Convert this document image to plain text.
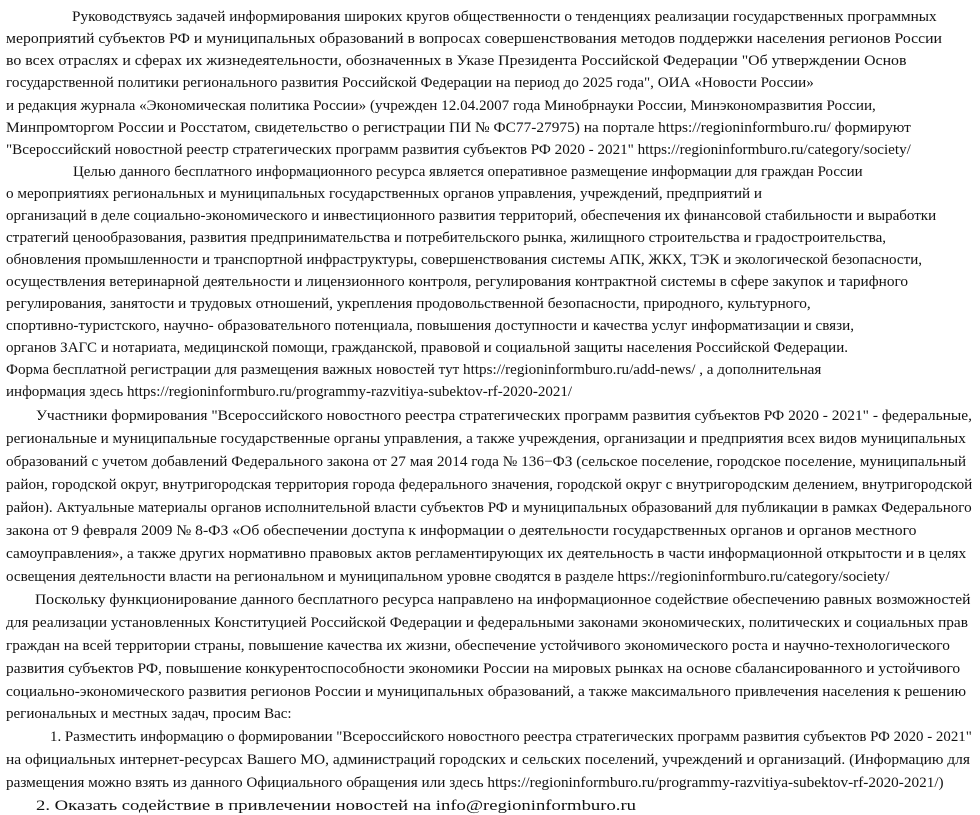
Руководствуясь задачей информирования широких кругов общественности о тенденциях реализации государственных программных
мероприятий субъектов РФ и муниципальных образований в вопросах совершенствования методов поддержки населения регионов России
во всех отраслях и сферах их жизнедеятельности, обозначенных в Указе Президента Российской Федерации "Об утверждении Основ
государственной политики регионального развития Российской Федерации на период до 2025 года", ОИА «Новости России»
и редакция журнала «Экономическая политика России» (учрежден 12.04.2007 года Минобрнауки России, Минэкономразвития России,
Минпромторгом России и Росстатом, свидетельство о регистрации ПИ № ФС77-27975) на портале https://regioninformburo.ru/ формируют
"Всероссийский новостной реестр стратегических программ развития субъектов РФ 2020 - 2021" https://regioninformburo.ru/category/society/
Целью данного бесплатного информационного ресурса является оперативное размещение информации для граждан России
о мероприятиях региональных и муниципальных государственных органов управления, учреждений, предприятий и
организаций в деле социально-экономического и инвестиционного развития территорий, обеспечения их финансовой стабильности и выработки
стратегий ценообразования, развития предпринимательства и потребительского рынка, жилищного строительства и градостроительства,
обновления промышленности и транспортной инфраструктуры, совершенствования системы АПК, ЖКХ, ТЭК и экологической безопасности,
осуществления ветеринарной деятельности и лицензионного контроля, регулирования контрактной системы в сфере закупок и тарифного
регулирования, занятости и трудовых отношений, укрепления продовольственной безопасности, природного, культурного,
спортивно-туристского, научно- образовательного потенциала, повышения доступности и качества услуг информатизации и связи,
органов ЗАГС и нотариата, медицинской помощи, гражданской, правовой и социальной защиты населения Российской Федерации.
Форма бесплатной регистрации для размещения важных новостей тут https://regioninformburo.ru/add-news/ , а дополнительная
информация здесь https://regioninformburo.ru/programmy-razvitiya-subektov-rf-2020-2021/
Участники формирования "Всероссийского новостного реестра стратегических программ развития субъектов РФ 2020 - 2021" - федеральные,
региональные и муниципальные государственные органы управления, а также учреждения, организации и предприятия всех видов муниципальных
образований с учетом добавлений Федерального закона от 27 мая 2014 года № 136−ФЗ (сельское поселение, городское поселение, муниципальный
район, городской округ, внутригородская территория города федерального значения, городской округ с внутригородским делением, внутригородской
район). Актуальные материалы органов исполнительной власти субъектов РФ и муниципальных образований для публикации в рамках Федерального
закона от 9 февраля 2009 № 8-ФЗ «Об обеспечении доступа к информации о деятельности государственных органов и органов местного
самоуправления», а также других нормативно правовых актов регламентирующих их деятельность в части информационной открытости и в целях
освещения деятельности власти на региональном и муниципальном уровне сводятся в разделе https://regioninformburo.ru/category/society/
Поскольку функционирование данного бесплатного ресурса направлено на информационное содействие обеспечению равных возможностей
для реализации установленных Конституцией Российской Федерации и федеральными законами экономических, политических и социальных прав
граждан на всей территории страны, повышение качества их жизни, обеспечение устойчивого экономического роста и научно-технологического
развития субъектов РФ, повышение конкурентоспособности экономики России на мировых рынках на основе сбалансированного и устойчивого
социально-экономического развития регионов России и муниципальных образований, а также максимального привлечения населения к решению
региональных и местных задач, просим Вас:
1. Разместить информацию о формировании "Всероссийского новостного реестра стратегических программ развития субъектов РФ 2020 - 2021"
на официальных интернет-ресурсах Вашего МО, администраций городских и сельских поселений, учреждений и организаций. (Информацию для
размещения можно взять из данного Официального обращения или здесь https://regioninformburo.ru/programmy-razvitiya-subektov-rf-2020-2021/)
2. Оказать содействие в привлечении новостей на info@regioninformburo.ru
